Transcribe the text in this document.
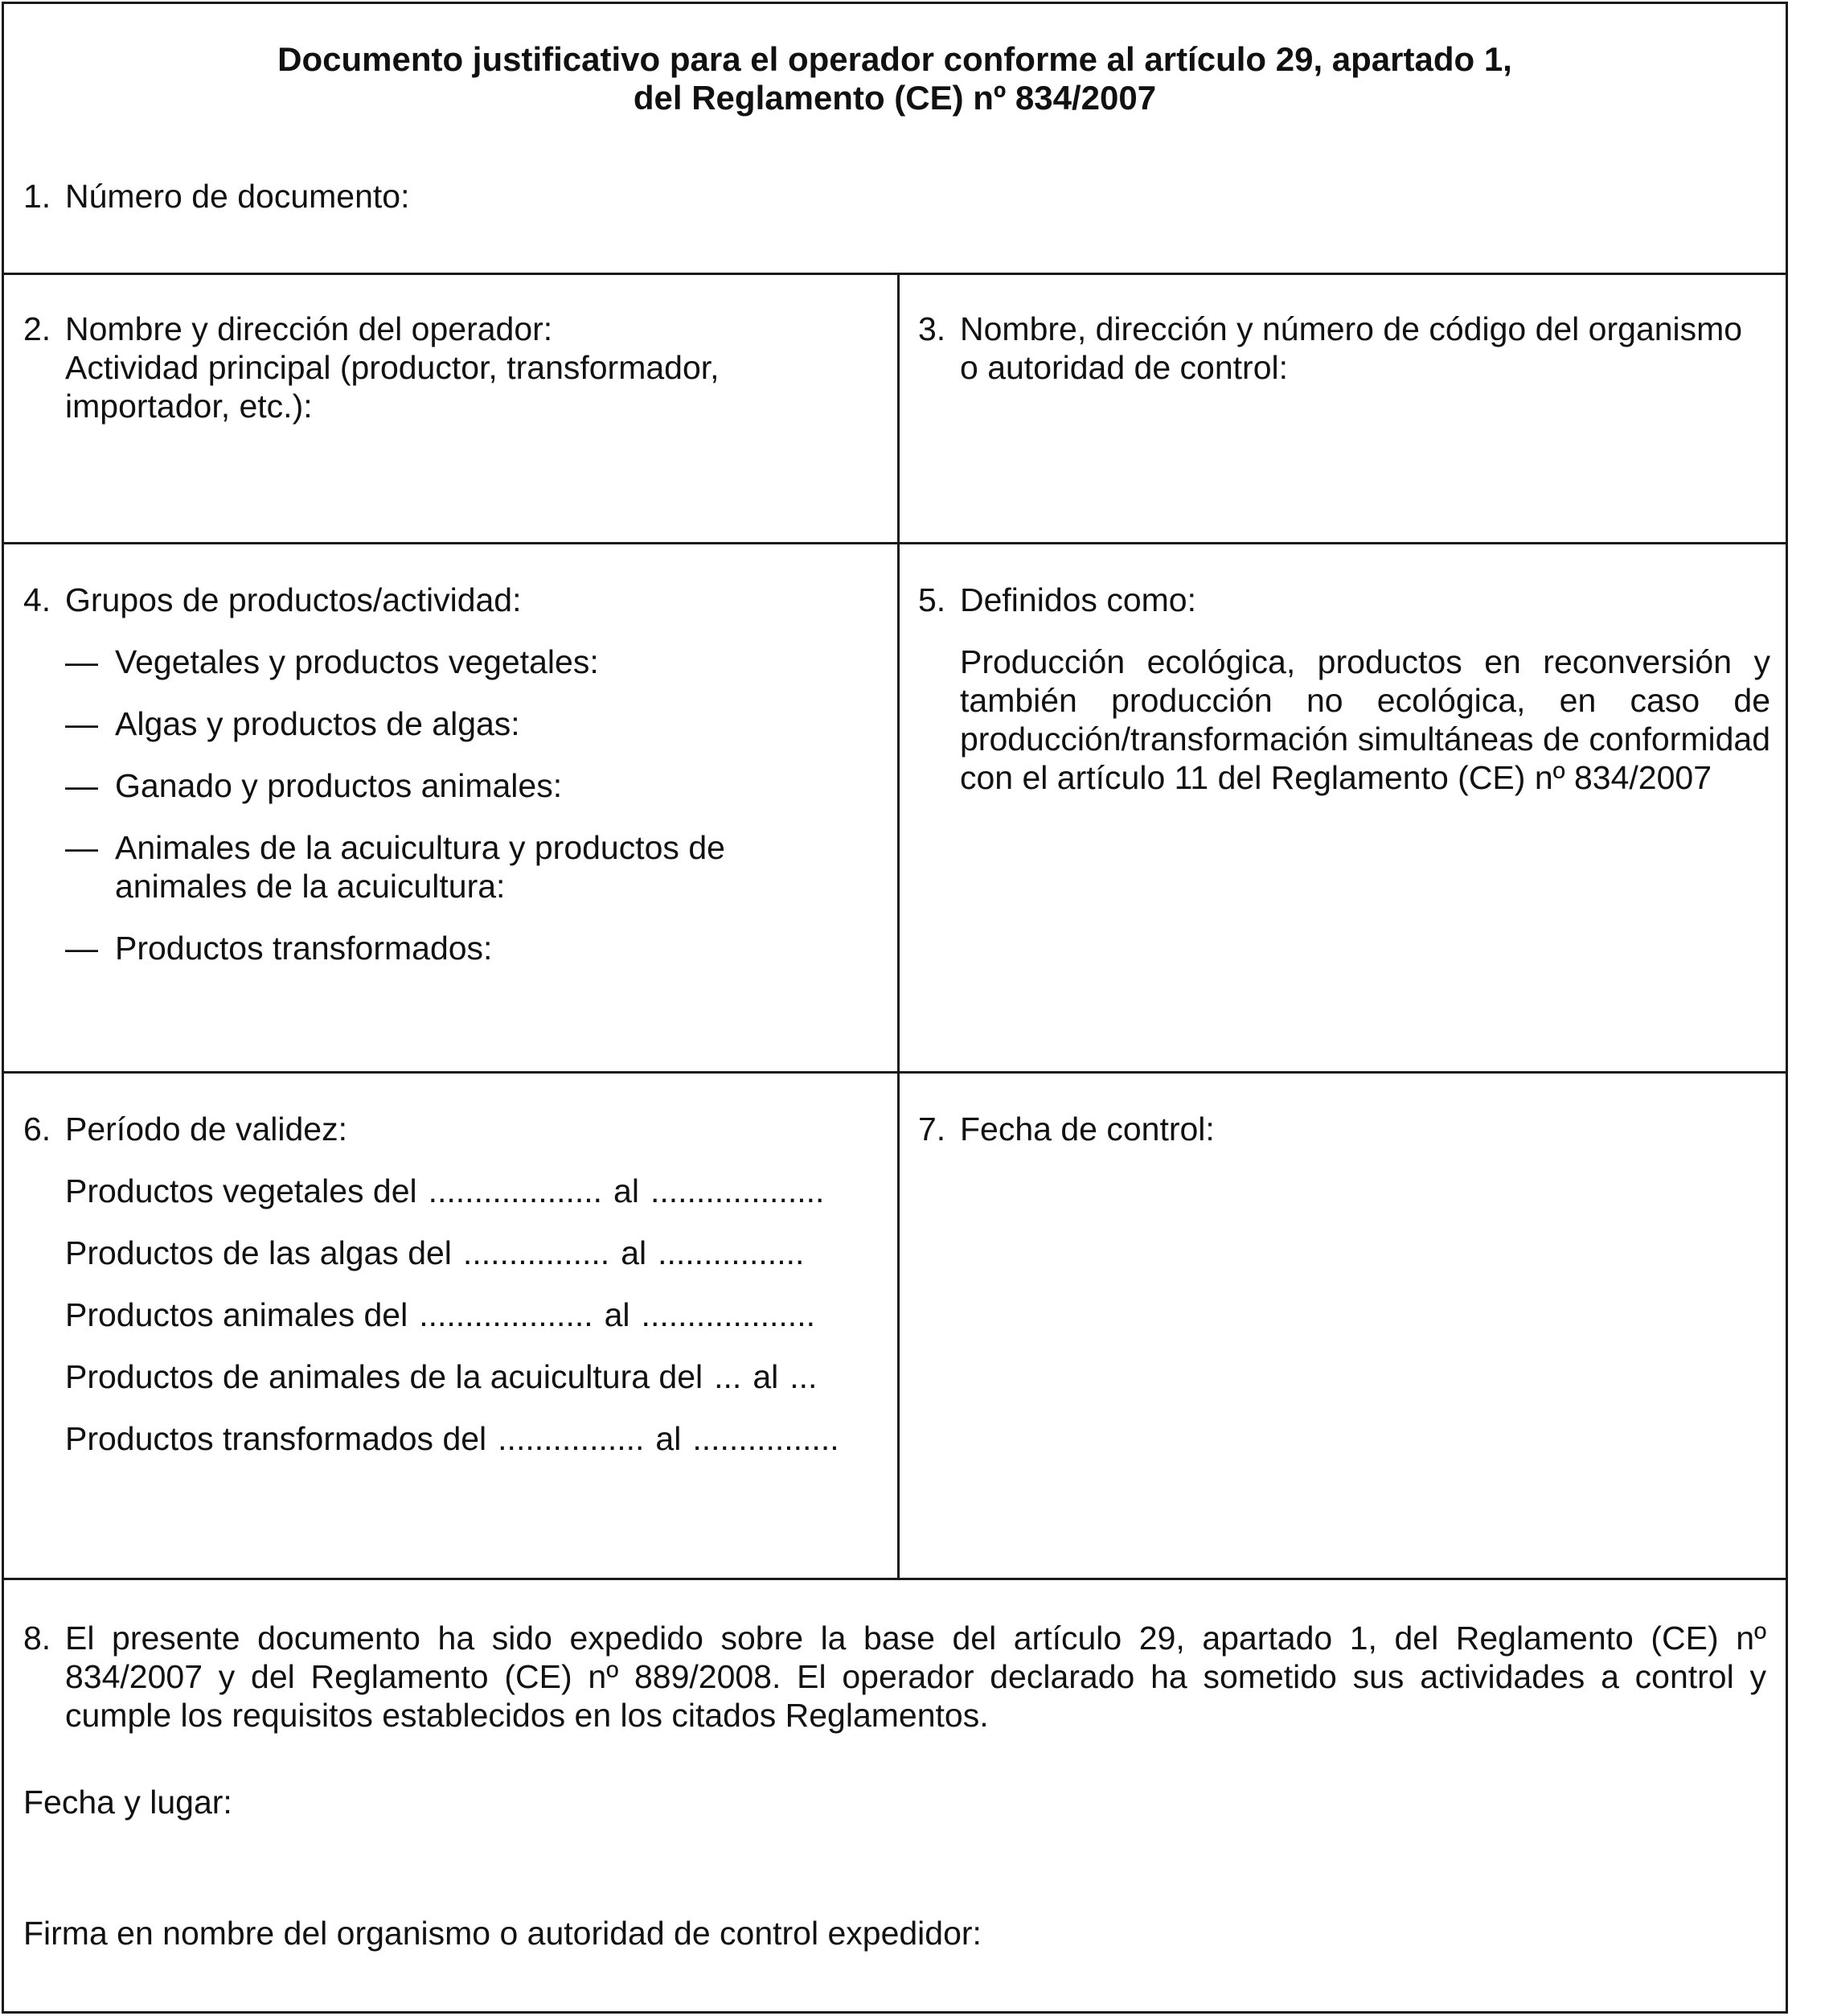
Documento justificativo para el operador conforme al artículo 29, apartado 1,
del Reglamento (CE) nº 834/2007
1. Número de documento:
2. Nombre y dirección del operador:
Actividad principal (productor, transformador,
importador, etc.):
3. Nombre, dirección y número de código del organismo
o autoridad de control:
4. Grupos de productos/actividad:
— Vegetales y productos vegetales:
— Algas y productos de algas:
— Ganado y productos animales:
— Animales de la acuicultura y productos de animales de la acuicultura:
— Productos transformados:
5. Definidos como:
Producción ecológica, productos en reconversión y también producción no ecológica, en caso de producción/transformación simultáneas de conformidad con el artículo 11 del Reglamento (CE) nº 834/2007
6. Período de validez:
Productos vegetales del ................... al ...................
Productos de las algas del ................ al ................
Productos animales del ................... al ...................
Productos de animales de la acuicultura del ... al ...
Productos transformados del ................ al ................
7. Fecha de control:
8. El presente documento ha sido expedido sobre la base del artículo 29, apartado 1, del Reglamento (CE) nº 834/2007 y del Reglamento (CE) nº 889/2008. El operador declarado ha sometido sus actividades a control y cumple los requisitos establecidos en los citados Reglamentos.
Fecha y lugar:
Firma en nombre del organismo o autoridad de control expedidor:
